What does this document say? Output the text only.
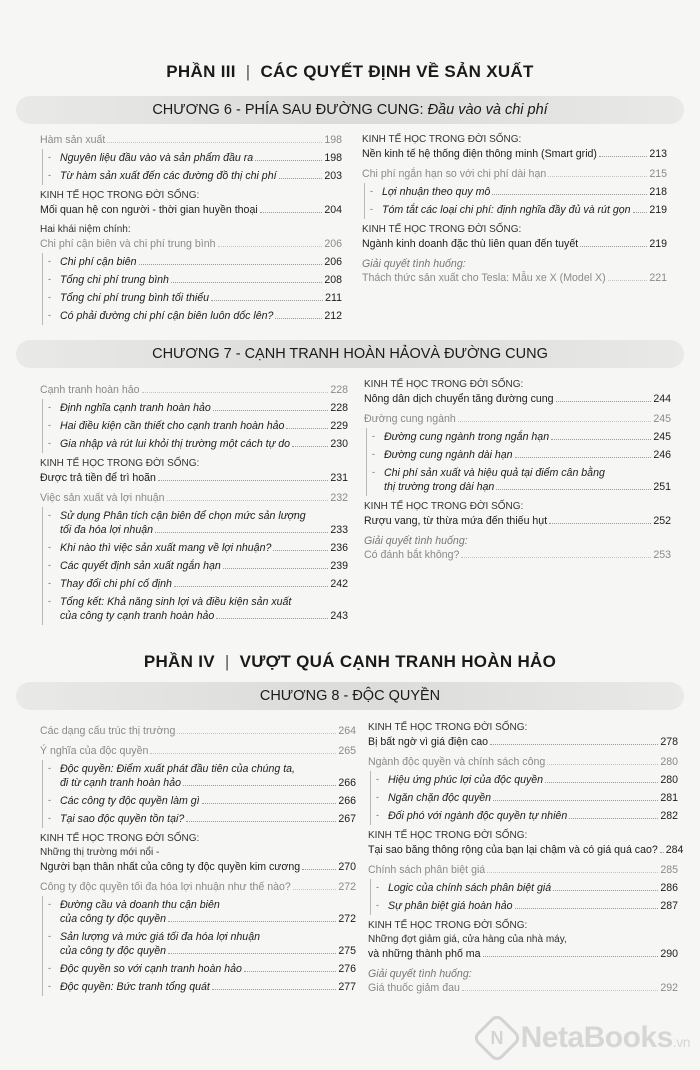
PHẦN III | CÁC QUYẾT ĐỊNH VỀ SẢN XUẤT
CHƯƠNG 6 - PHÍA SAU ĐƯỜNG CUNG: Đầu vào và chi phí
Hàm sản xuất	198
Nguyên liệu đầu vào và sản phẩm đầu ra	198
-
Từ hàm sản xuất đến các đường đồ thị chi phí	203
-
KINH TẾ HỌC TRONG ĐỜI SỐNG:
Mối quan hệ con người - thời gian huyền thoại	204
Hai khái niệm chính:
Chi phí cận biên và chi phí trung bình	206
Chi phí cận biên	206
-
Tổng chi phí trung bình	208
-
Tổng chi phí trung bình tối thiểu	211
-
Có phải đường chi phí cận biên luôn dốc lên?	212
-
KINH TẾ HỌC TRONG ĐỜI SỐNG:
Nền kinh tế hệ thống điện thông minh (Smart grid)	213
Chi phí ngắn hạn so với chi phí dài hạn	215
Lợi nhuận theo quy mô	218
-
Tóm tắt các loại chi phí: định nghĩa đầy đủ và rút gọn 219
-
KINH TẾ HỌC TRONG ĐỜI SỐNG:
Ngành kinh doanh đặc thù liên quan đến tuyết	219
Giải quyết tình huống:
Thách thức sản xuất cho Tesla: Mẫu xe X (Model X)	221
CHƯƠNG 7 - CẠNH TRANH HOÀN HẢOVÀ ĐƯỜNG CUNG
Cạnh tranh hoàn hảo	228
Định nghĩa cạnh tranh hoàn hảo	228
-
Hai điều kiện cần thiết cho cạnh tranh hoàn hảo	229
-
Gia nhập và rút lui khỏi thị trường một cách tự do	230
-
KINH TẾ HỌC TRONG ĐỜI SỐNG:
Được trả tiền để trì hoãn	231
Việc sản xuất và lợi nhuận	232
Sử dụng Phân tích cận biên để chọn mức sản lượng
-
tối đa hóa lợi nhuận	233
Khi nào thì việc sản xuất mang về lợi nhuận?	236
-
Các quyết định sản xuất ngắn hạn	239
-
Thay đổi chi phí cố định	242
-
Tổng kết: Khả năng sinh lợi và điều kiện sản xuất
-
của công ty cạnh tranh hoàn hảo	243
KINH TẾ HỌC TRONG ĐỜI SỐNG:
Nông dân dịch chuyển tăng đường cung	244
Đường cung ngành	245
Đường cung ngành trong ngắn hạn	245
-
Đường cung ngành dài hạn	246
-
Chi phí sản xuất và hiệu quả tại điểm cân bằng
-
thị trường trong dài hạn	251
KINH TẾ HỌC TRONG ĐỜI SỐNG:
Rượu vang, từ thừa mứa đến thiếu hụt	252
Giải quyết tình huống:
Có đánh bắt không?	253
PHẦN IV | VƯỢT QUÁ CẠNH TRANH HOÀN HẢO
CHƯƠNG 8 - ĐỘC QUYỀN
Các dạng cấu trúc thị trường	264
Ý nghĩa của độc quyền	265
Độc quyền: Điểm xuất phát đầu tiên của chúng ta,
-
đi từ cạnh tranh hoàn hảo	266
Các công ty độc quyền làm gì	266
-
Tại sao độc quyền tồn tại?	267
-
KINH TẾ HỌC TRONG ĐỜI SỐNG:
Những thị trường mới nổi -
Người bạn thân nhất của công ty độc quyền kim cương	270
Công ty độc quyền tối đa hóa lợi nhuận như thế nào?	272
Đường cầu và doanh thu cận biên
-
của công ty độc quyền	272
Sản lượng và mức giá tối đa hóa lợi nhuận
-
của công ty độc quyền	275
Độc quyền so với cạnh tranh hoàn hảo	276
-
Độc quyền: Bức tranh tổng quát	277
-
KINH TẾ HỌC TRONG ĐỜI SỐNG:
Bị bất ngờ vì giá điện cao	278
Ngành độc quyền và chính sách công	280
Hiệu ứng phúc lợi của độc quyền	280
-
Ngăn chặn độc quyền	281
-
Đối phó với ngành độc quyền tự nhiên	282
-
KINH TẾ HỌC TRONG ĐỜI SỐNG:
Tại sao băng thông rộng của bạn lại chậm và có giá quá cao? 284
Chính sách phân biệt giá	285
Logic của chính sách phân biệt giá	286
-
Sự phân biệt giá hoàn hảo	287
-
KINH TẾ HỌC TRONG ĐỜI SỐNG:
Những đợt giảm giá, cửa hàng của nhà máy,
và những thành phố ma	290
Giải quyết tình huống:
Giá thuốc giảm đau	292
N
NetaBooks.vn
